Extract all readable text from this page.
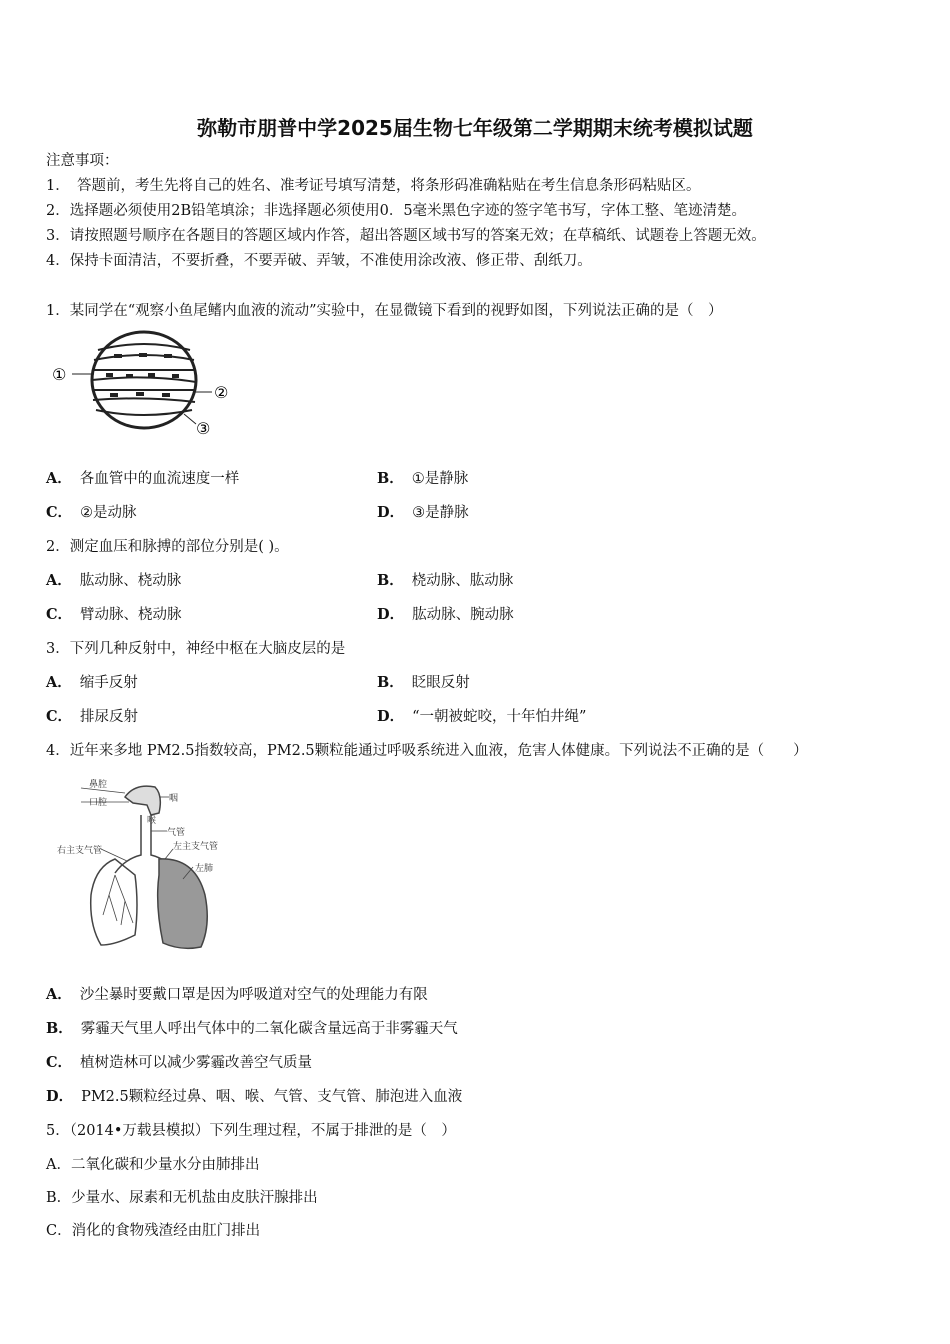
弥勒市朋普中学2025届生物七年级第二学期期末统考模拟试题
注意事项：
1．　答题前，考生先将自己的姓名、准考证号填写清楚，将条形码准确粘贴在考生信息条形码粘贴区。
2．选择题必须使用2B铅笔填涂；非选择题必须使用0．5毫米黑色字迹的签字笔书写，字体工整、笔迹清楚。
3．请按照题号顺序在各题目的答题区域内作答，超出答题区域书写的答案无效；在草稿纸、试题卷上答题无效。
4．保持卡面清洁，不要折叠，不要弄破、弄皱，不准使用涂改液、修正带、刮纸刀。
1．某同学在“观察小鱼尾鳍内血液的流动”实验中，在显微镜下看到的视野如图，下列说法正确的是（　）
①
②
③
A． 各血管中的血流速度一样	B． ①是静脉
C． ②是动脉	D． ③是静脉
2．测定血压和脉搏的部位分别是( )。
A． 肱动脉、桡动脉	B． 桡动脉、肱动脉
C． 臂动脉、桡动脉	D． 肱动脉、腕动脉
3．下列几种反射中，神经中枢在大脑皮层的是
A． 缩手反射	B． 眨眼反射
C． 排尿反射	D． “一朝被蛇咬，十年怕井绳”
4．近年来多地 PM2.5指数较高，PM2.5颗粒能通过呼吸系统进入血液，危害人体健康。下列说法不正确的是（　　）
鼻腔
口腔	咽
喉
气管
右主支气管	左主支气管
左肺
A． 沙尘暴时要戴口罩是因为呼吸道对空气的处理能力有限
B． 雾霾天气里人呼出气体中的二氧化碳含量远高于非雾霾天气
C． 植树造林可以减少雾霾改善空气质量
D． PM2.5颗粒经过鼻、咽、喉、气管、支气管、肺泡进入血液
5．（2014•万载县模拟）下列生理过程，不属于排泄的是（　）
A．二氧化碳和少量水分由肺排出
B．少量水、尿素和无机盐由皮肤汗腺排出
C．消化的食物残渣经由肛门排出
